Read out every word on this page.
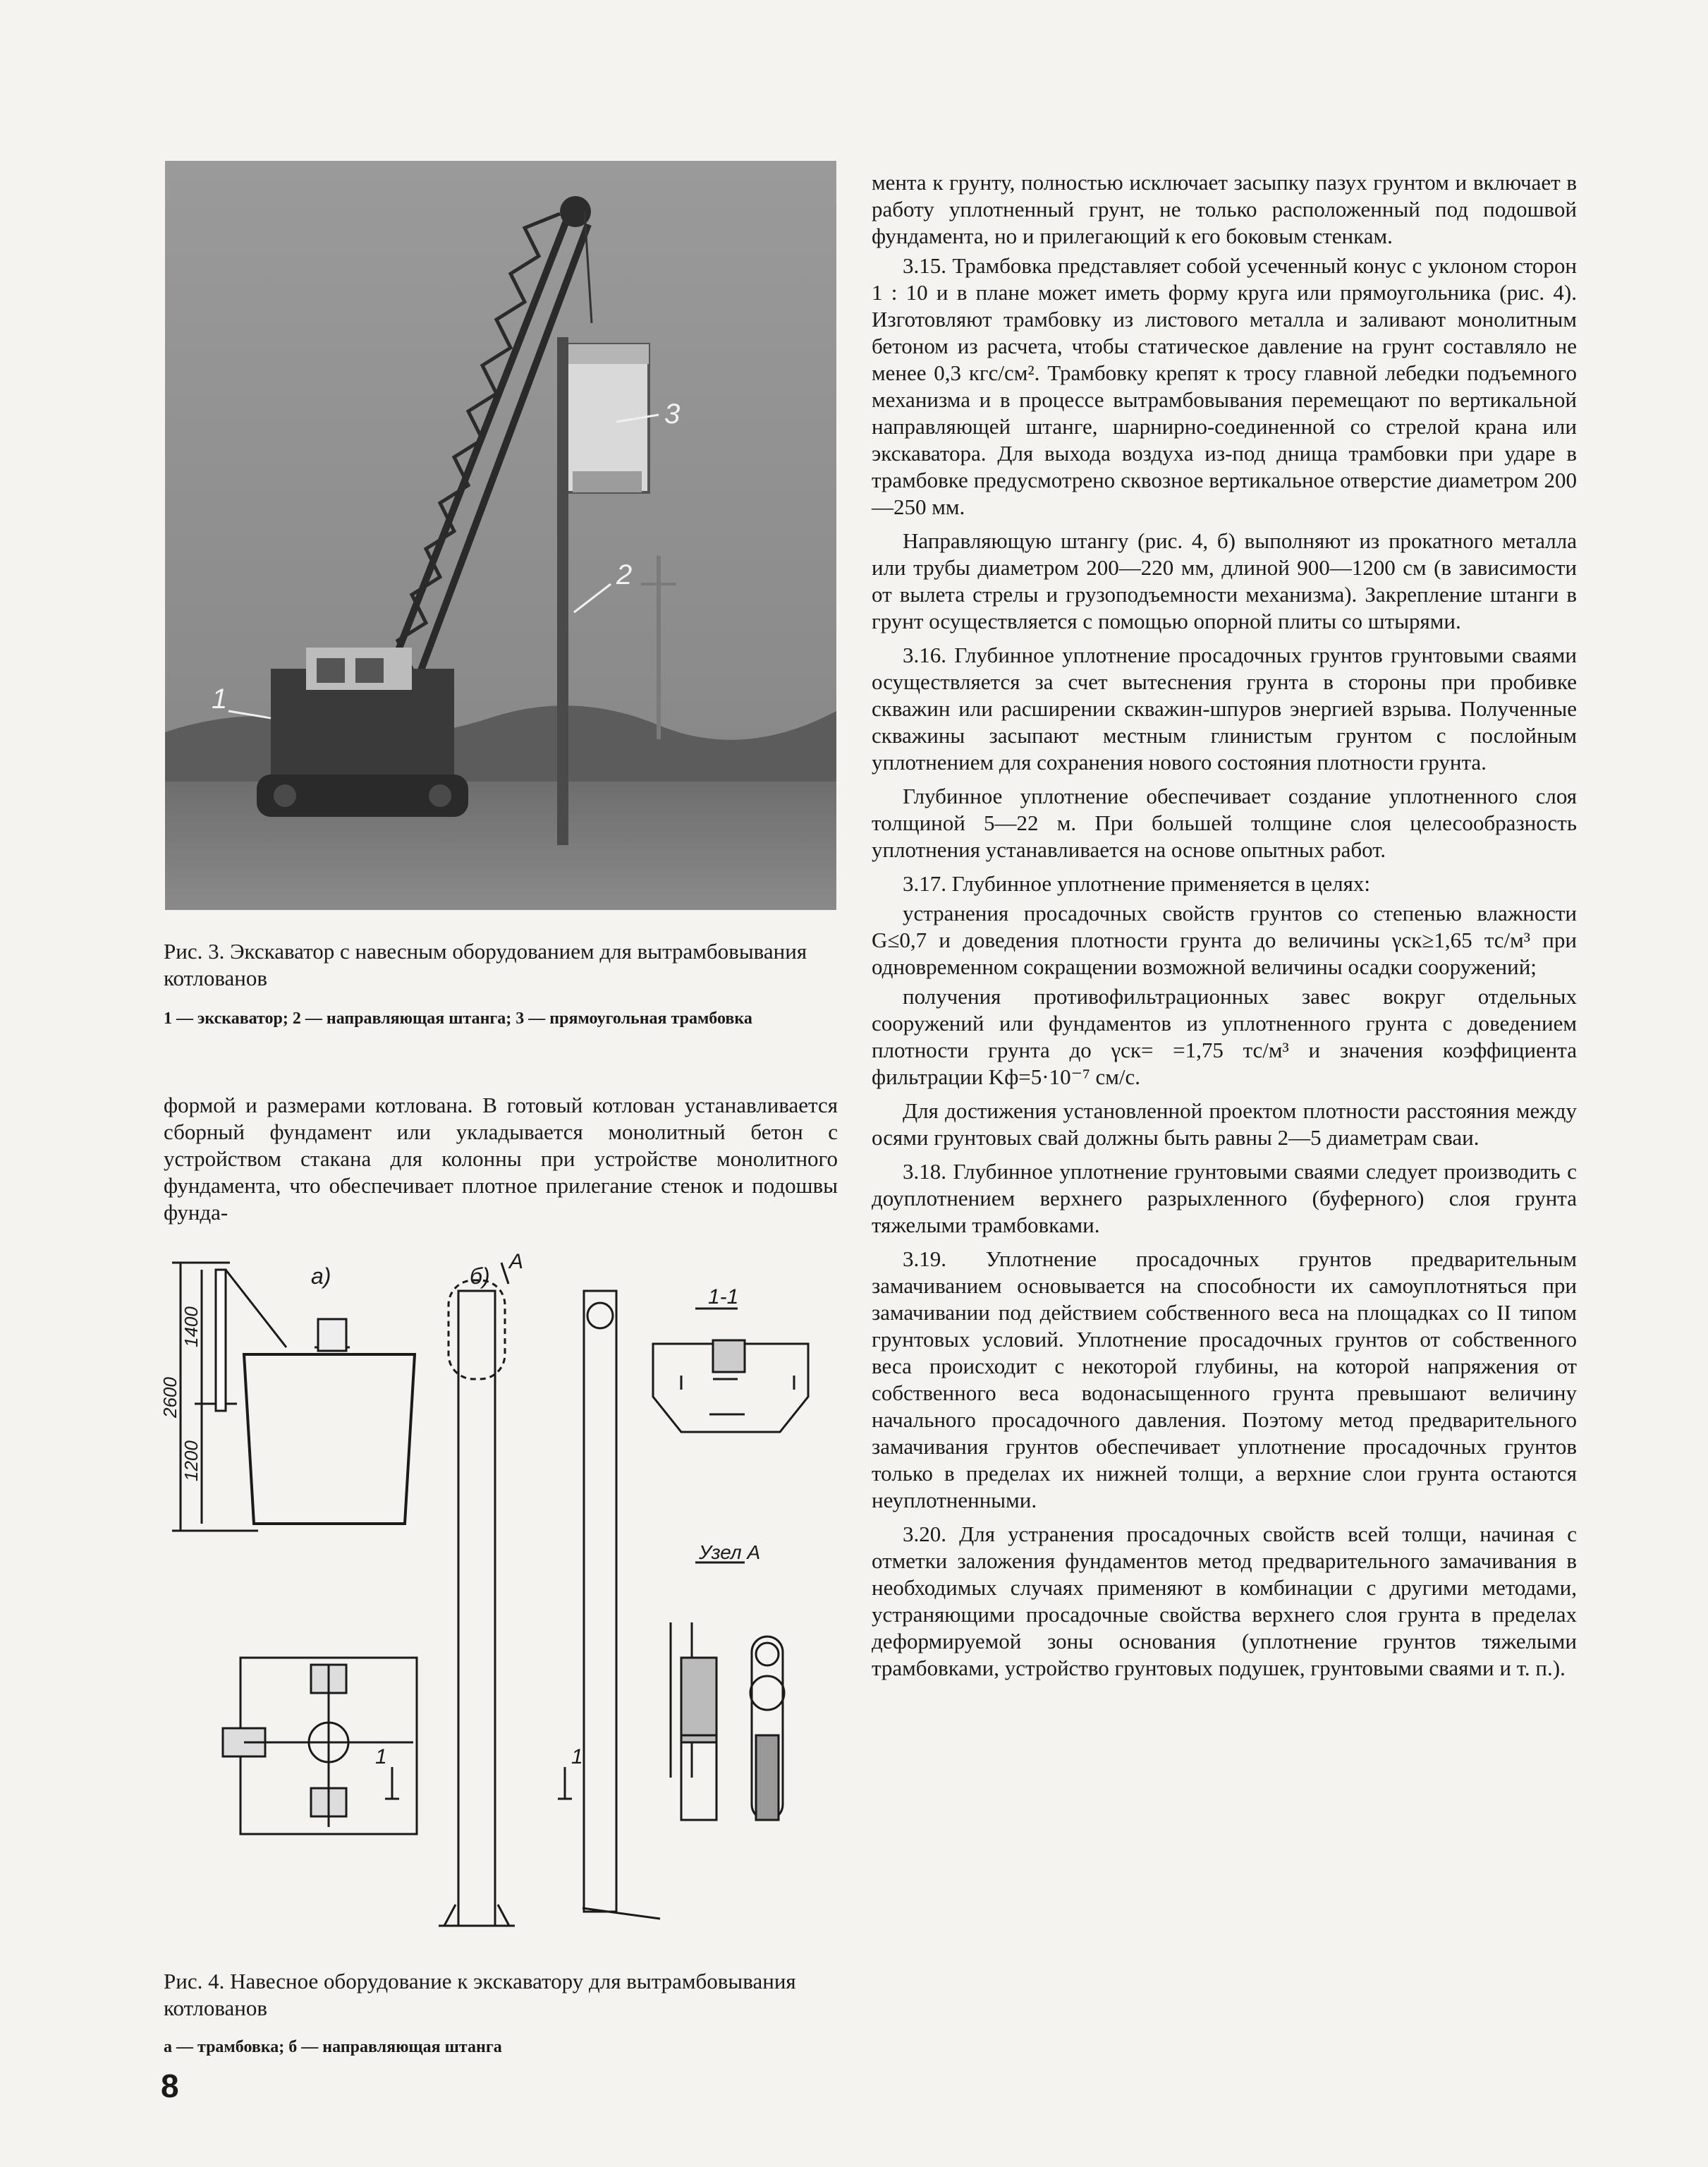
3
2
1
Рис. 3. Экскаватор с навесным оборудованием для вытрамбовывания котлованов
1 — экскаватор; 2 — направляющая штанга; 3 — прямоугольная трамбовка
формой и размерами котлована. В готовый котлован устанавливается сборный фундамент или укладывается монолитный бетон с устройством стакана для колонны при устройстве монолитного фундамента, что обеспечивает плотное прилегание стенок и подошвы фунда-
а)	б)
А
1-1
Узел А
1	1
2600
1400
1200
Рис. 4. Навесное оборудование к экскаватору для вытрамбовывания котлованов
а — трамбовка; б — направляющая штанга
8

мента к грунту, полностью исключает засыпку пазух грунтом и включает в работу уплотненный грунт, не только расположенный под подошвой фундамента, но и прилегающий к его боковым стенкам.

3.15. Трамбовка представляет собой усеченный конус с уклоном сторон 1 : 10 и в плане может иметь форму круга или прямоугольника (рис. 4). Изготовляют трамбовку из листового металла и заливают монолитным бетоном из расчета, чтобы статическое давление на грунт составляло не менее 0,3 кгс/см². Трамбовку крепят к тросу главной лебедки подъемного механизма и в процессе вытрамбовывания перемещают по вертикальной направляющей штанге, шарнирно-соединенной со стрелой крана или экскаватора. Для выхода воздуха из-под днища трамбовки при ударе в трамбовке предусмотрено сквозное вертикальное отверстие диаметром 200—250 мм.

Направляющую штангу (рис. 4, б) выполняют из прокатного металла или трубы диаметром 200—220 мм, длиной 900—1200 см (в зависимости от вылета стрелы и грузоподъемности механизма). Закрепление штанги в грунт осуществляется с помощью опорной плиты со штырями.

3.16. Глубинное уплотнение просадочных грунтов грунтовыми сваями осуществляется за счет вытеснения грунта в стороны при пробивке скважин или расширении скважин-шпуров энергией взрыва. Полученные скважины засыпают местным глинистым грунтом с послойным уплотнением для сохранения нового состояния плотности грунта.

Глубинное уплотнение обеспечивает создание уплотненного слоя толщиной 5—22 м. При большей толщине слоя целесообразность уплотнения устанавливается на основе опытных работ.

3.17. Глубинное уплотнение применяется в целях:

устранения просадочных свойств грунтов со степенью влажности G≤0,7 и доведения плотности грунта до величины γск≥1,65 тс/м³ при одновременном сокращении возможной величины осадки сооружений;

получения противофильтрационных завес вокруг отдельных сооружений или фундаментов из уплотненного грунта с доведением плотности грунта до γск= =1,75 тс/м³ и значения коэффициента фильтрации Kф=5·10⁻⁷ см/с.

Для достижения установленной проектом плотности расстояния между осями грунтовых свай должны быть равны 2—5 диаметрам сваи.

3.18. Глубинное уплотнение грунтовыми сваями следует производить с доуплотнением верхнего разрыхленного (буферного) слоя грунта тяжелыми трамбовками.

3.19. Уплотнение просадочных грунтов предварительным замачиванием основывается на способности их самоуплотняться при замачивании под действием собственного веса на площадках со II типом грунтовых условий. Уплотнение просадочных грунтов от собственного веса происходит с некоторой глубины, на которой напряжения от собственного веса водонасыщенного грунта превышают величину начального просадочного давления. Поэтому метод предварительного замачивания грунтов обеспечивает уплотнение просадочных грунтов только в пределах их нижней толщи, а верхние слои грунта остаются неуплотненными.

3.20. Для устранения просадочных свойств всей толщи, начиная с отметки заложения фундаментов метод предварительного замачивания в необходимых случаях применяют в комбинации с другими методами, устраняющими просадочные свойства верхнего слоя грунта в пределах деформируемой зоны основания (уплотнение грунтов тяжелыми трамбовками, устройство грунтовых подушек, грунтовыми сваями и т. п.).
